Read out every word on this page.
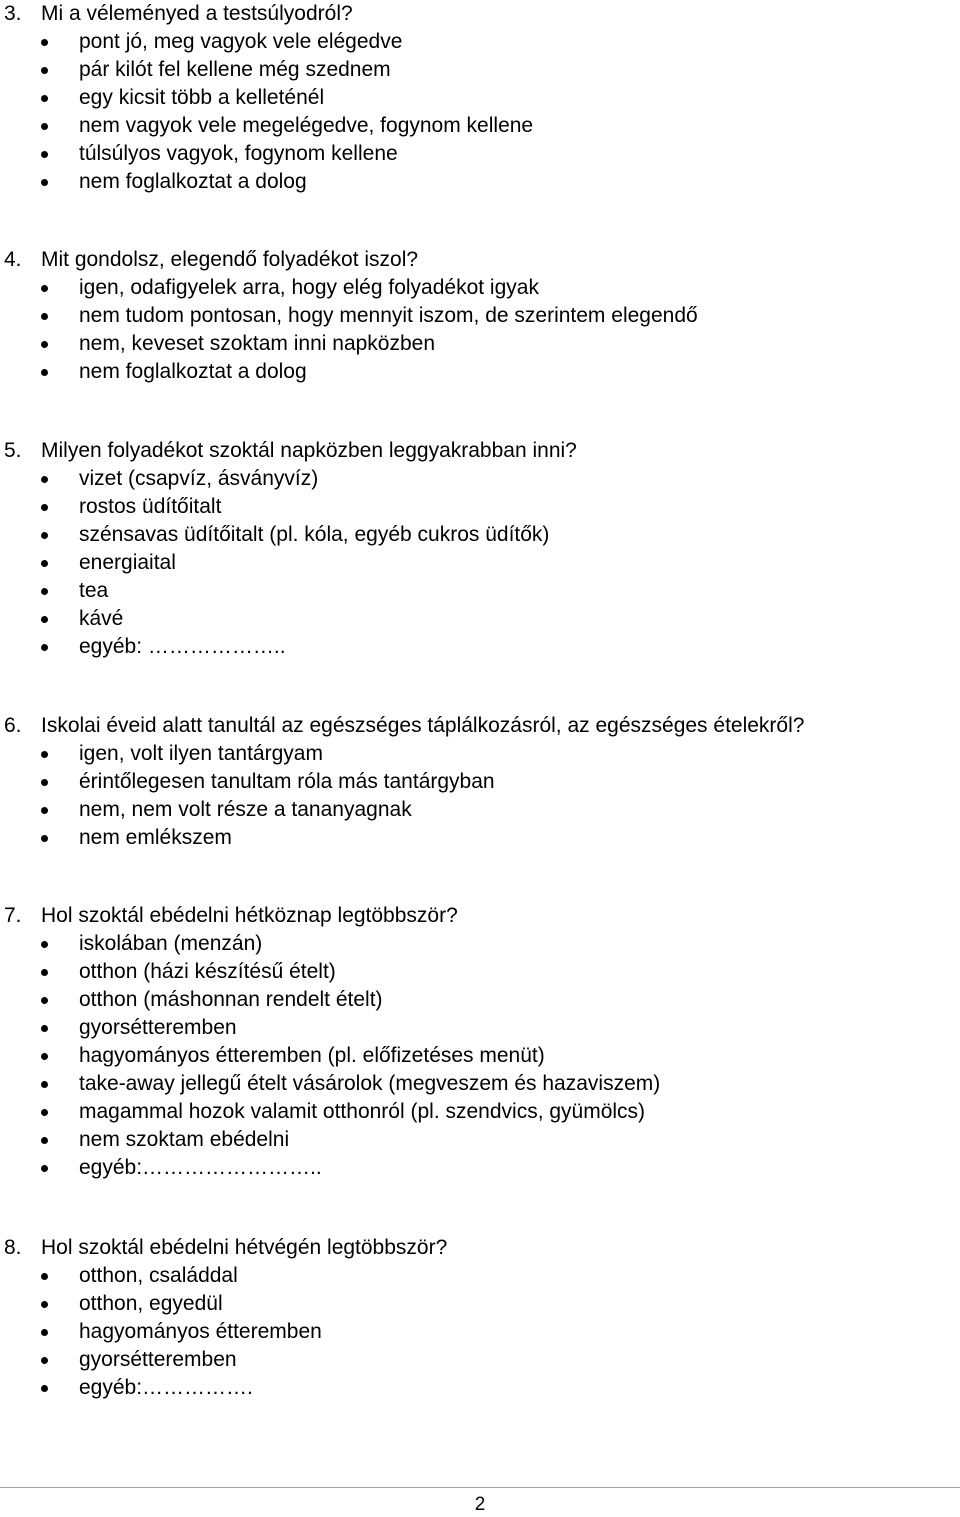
3. Mi a véleményed a testsúlyodról?
pont jó, meg vagyok vele elégedve
pár kilót fel kellene még szednem
egy kicsit több a kelleténél
nem vagyok vele megelégedve, fogynom kellene
túlsúlyos vagyok, fogynom kellene
nem foglalkoztat a dolog
4. Mit gondolsz, elegendő folyadékot iszol?
igen, odafigyelek arra, hogy elég folyadékot igyak
nem tudom pontosan, hogy mennyit iszom, de szerintem elegendő
nem, keveset szoktam inni napközben
nem foglalkoztat a dolog
5. Milyen folyadékot szoktál napközben leggyakrabban inni?
vizet (csapvíz, ásványvíz)
rostos üdítőitalt
szénsavas üdítőitalt (pl. kóla, egyéb cukros üdítők)
energiaital
tea
kávé
egyéb: ………………..
6. Iskolai éveid alatt tanultál az egészséges táplálkozásról, az egészséges ételekről?
igen, volt ilyen tantárgyam
érintőlegesen tanultam róla más tantárgyban
nem, nem volt része a tananyagnak
nem emlékszem
7. Hol szoktál ebédelni hétköznap legtöbbször?
iskolában (menzán)
otthon (házi készítésű ételt)
otthon (máshonnan rendelt ételt)
gyorsétteremben
hagyományos étteremben (pl. előfizetéses menüt)
take-away jellegű ételt vásárolok (megveszem és hazaviszem)
magammal hozok valamit otthonról (pl. szendvics, gyümölcs)
nem szoktam ebédelni
egyéb:……………………..
8. Hol szoktál ebédelni hétvégén legtöbbször?
otthon, családdal
otthon, egyedül
hagyományos étteremben
gyorsétteremben
egyéb:…………….
2
